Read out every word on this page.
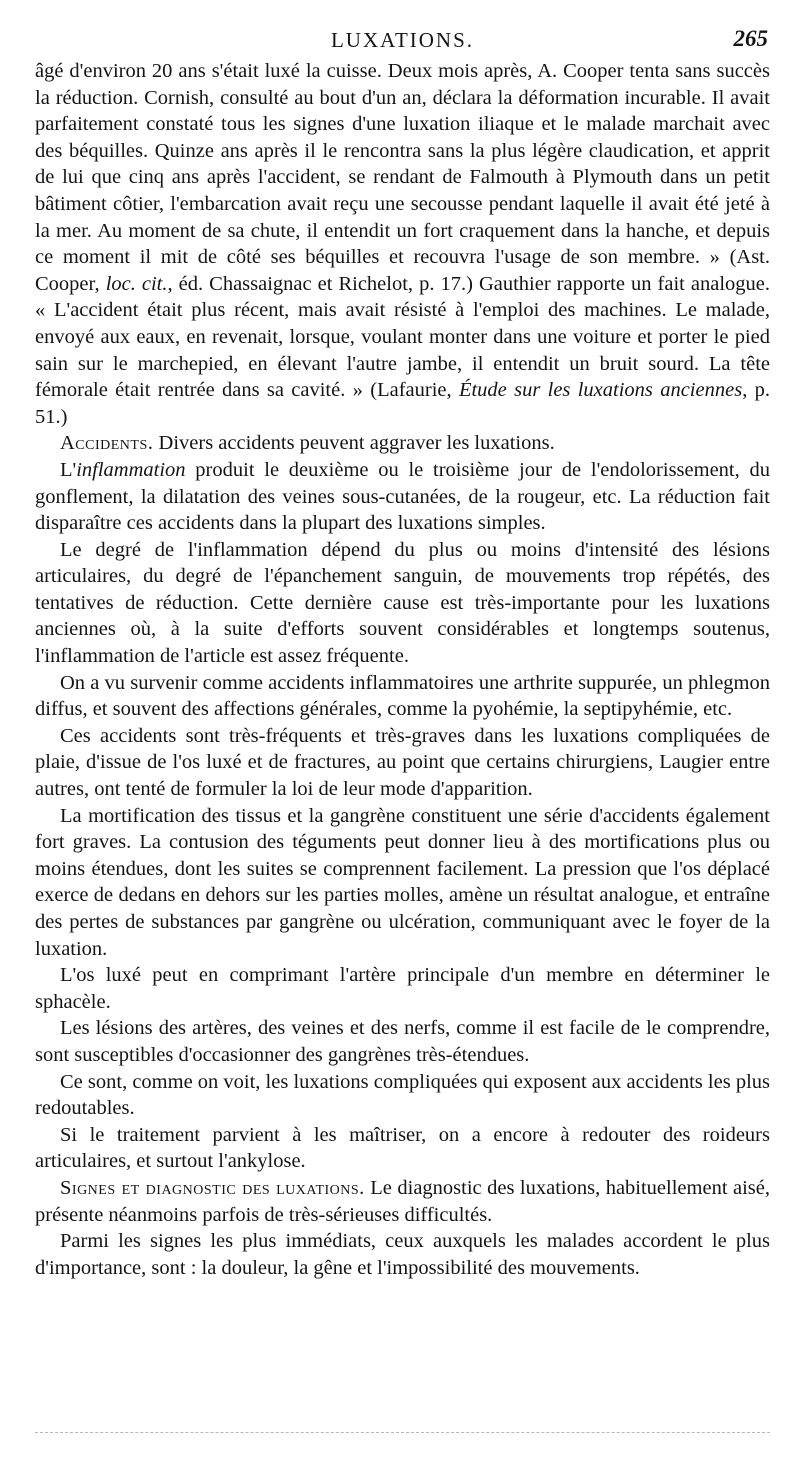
LUXATIONS.	265

âgé d'environ 20 ans s'était luxé la cuisse. Deux mois après, A. Cooper tenta sans succès la réduction. Cornish, consulté au bout d'un an, déclara la déformation incurable. Il avait parfaitement constaté tous les signes d'une luxation iliaque et le malade marchait avec des béquilles. Quinze ans après il le rencontra sans la plus légère claudication, et apprit de lui que cinq ans après l'accident, se rendant de Falmouth à Plymouth dans un petit bâtiment côtier, l'embarcation avait reçu une secousse pendant laquelle il avait été jeté à la mer. Au moment de sa chute, il entendit un fort craquement dans la hanche, et depuis ce moment il mit de côté ses béquilles et recouvra l'usage de son membre. » (Ast. Cooper, loc. cit., éd. Chassaignac et Richelot, p. 17.) Gauthier rapporte un fait analogue. « L'accident était plus récent, mais avait résisté à l'emploi des machines. Le malade, envoyé aux eaux, en revenait, lorsque, voulant monter dans une voiture et porter le pied sain sur le marchepied, en élevant l'autre jambe, il entendit un bruit sourd. La tête fémorale était rentrée dans sa cavité. » (Lafaurie, Étude sur les luxations anciennes, p. 51.)

Accidents. Divers accidents peuvent aggraver les luxations.

L'inflammation produit le deuxième ou le troisième jour de l'endolorissement, du gonflement, la dilatation des veines sous-cutanées, de la rougeur, etc. La réduction fait disparaître ces accidents dans la plupart des luxations simples.

Le degré de l'inflammation dépend du plus ou moins d'intensité des lésions articulaires, du degré de l'épanchement sanguin, de mouvements trop répétés, des tentatives de réduction. Cette dernière cause est très-importante pour les luxations anciennes où, à la suite d'efforts souvent considérables et longtemps soutenus, l'inflammation de l'article est assez fréquente.

On a vu survenir comme accidents inflammatoires une arthrite suppurée, un phlegmon diffus, et souvent des affections générales, comme la pyohémie, la septipyhémie, etc.

Ces accidents sont très-fréquents et très-graves dans les luxations compliquées de plaie, d'issue de l'os luxé et de fractures, au point que certains chirurgiens, Laugier entre autres, ont tenté de formuler la loi de leur mode d'apparition.

La mortification des tissus et la gangrène constituent une série d'accidents également fort graves. La contusion des téguments peut donner lieu à des mortifications plus ou moins étendues, dont les suites se comprennent facilement. La pression que l'os déplacé exerce de dedans en dehors sur les parties molles, amène un résultat analogue, et entraîne des pertes de substances par gangrène ou ulcération, communiquant avec le foyer de la luxation.

L'os luxé peut en comprimant l'artère principale d'un membre en déterminer le sphacèle.

Les lésions des artères, des veines et des nerfs, comme il est facile de le comprendre, sont susceptibles d'occasionner des gangrènes très-étendues.

Ce sont, comme on voit, les luxations compliquées qui exposent aux accidents les plus redoutables.

Si le traitement parvient à les maîtriser, on a encore à redouter des roideurs articulaires, et surtout l'ankylose.

Signes et diagnostic des luxations. Le diagnostic des luxations, habituellement aisé, présente néanmoins parfois de très-sérieuses difficultés.

Parmi les signes les plus immédiats, ceux auxquels les malades accordent le plus d'importance, sont : la douleur, la gêne et l'impossibilité des mouvements.
